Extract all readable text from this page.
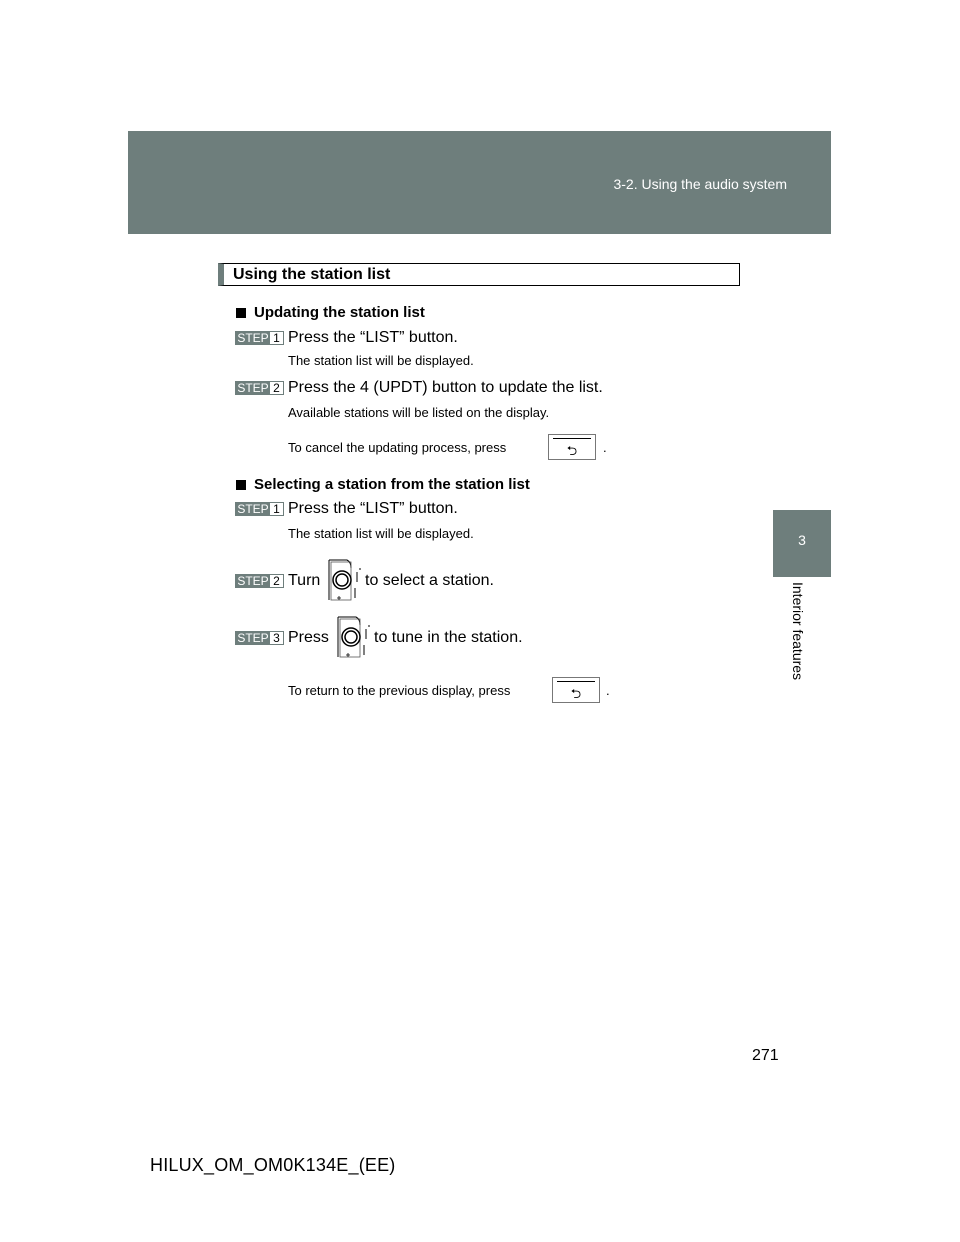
3-2. Using the audio system
3
Interior features
Using the station list
Updating the station list
STEP 1 Press the “LIST” button.
The station list will be displayed.
STEP 2 Press the 4 (UPDT) button to update the list.
Available stations will be listed on the display.
To cancel the updating process, press	⮌	.
Selecting a station from the station list
STEP 1 Press the “LIST” button.
The station list will be displayed.
STEP 2 Turn	to select a station.
STEP 3 Press	to tune in the station.
To return to the previous display, press	⮌	.
271
HILUX_OM_OM0K134E_(EE)
